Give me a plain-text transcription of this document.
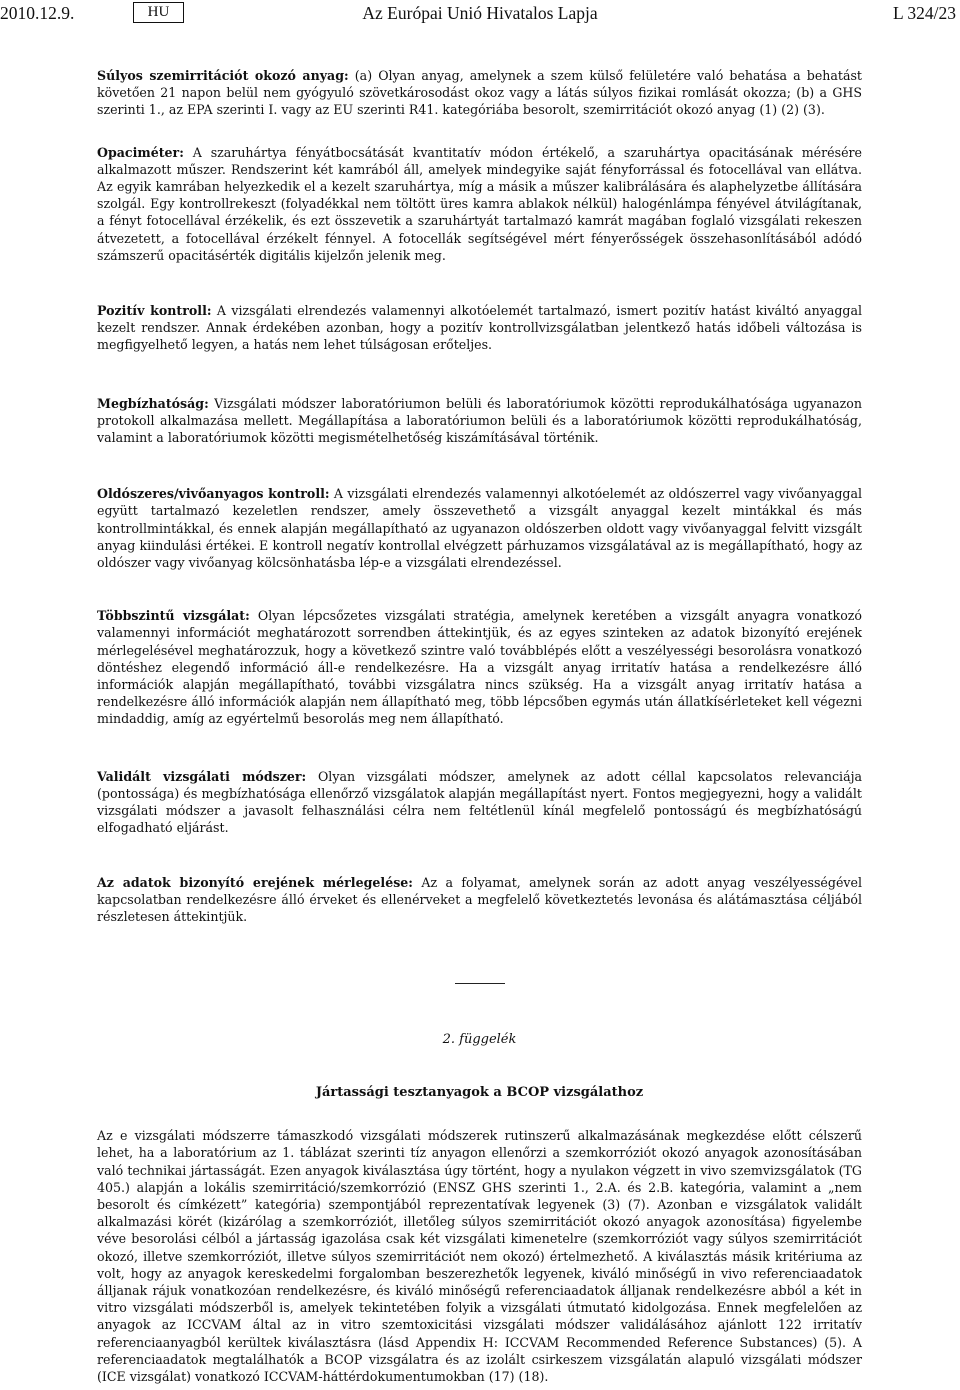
2010.12.9.	HU	Az Európai Unió Hivatalos Lapja	L 324/23

Súlyos szemirritációt okozó anyag: (a) Olyan anyag, amelynek a szem külső felületére való behatása a behatást követően 21 napon belül nem gyógyuló szövetkárosodást okoz vagy a látás súlyos fizikai romlását okozza; (b) a GHS szerinti 1., az EPA szerinti I. vagy az EU szerinti R41. kategóriába besorolt, szemirritációt okozó anyag (1) (2) (3).

Opaciméter: A szaruhártya fényátbocsátását kvantitatív módon értékelő, a szaruhártya opacitásának mérésére alkalmazott műszer. Rendszerint két kamrából áll, amelyek mindegyike saját fényforrással és fotocellával van ellátva. Az egyik kamrában helyezkedik el a kezelt szaruhártya, míg a másik a műszer kalibrálására és alaphelyzetbe állítására szolgál. Egy kontrollrekeszt (folyadékkal nem töltött üres kamra ablakok nélkül) halogénlámpa fényével átvilágítanak, a fényt fotocellával érzékelik, és ezt összevetik a szaruhártyát tartalmazó kamrát magában foglaló vizsgálati rekeszen átvezetett, a fotocellával érzékelt fénnyel. A fotocellák segítségével mért fényerősségek összehasonlításából adódó számszerű opacitásérték digitális kijelzőn jelenik meg.

Pozitív kontroll: A vizsgálati elrendezés valamennyi alkotóelemét tartalmazó, ismert pozitív hatást kiváltó anyaggal kezelt rendszer. Annak érdekében azonban, hogy a pozitív kontrollvizsgálatban jelentkező hatás időbeli változása is megfigyelhető legyen, a hatás nem lehet túlságosan erőteljes.

Megbízhatóság: Vizsgálati módszer laboratóriumon belüli és laboratóriumok közötti reprodukálhatósága ugyanazon protokoll alkalmazása mellett. Megállapítása a laboratóriumon belüli és a laboratóriumok közötti reprodukálhatóság, valamint a laboratóriumok közötti megismételhetőség kiszámításával történik.

Oldószeres/vivőanyagos kontroll: A vizsgálati elrendezés valamennyi alkotóelemét az oldószerrel vagy vivőanyaggal együtt tartalmazó kezeletlen rendszer, amely összevethető a vizsgált anyaggal kezelt mintákkal és más kontrollmintákkal, és ennek alapján megállapítható az ugyanazon oldószerben oldott vagy vivőanyaggal felvitt vizsgált anyag kiindulási értékei. E kontroll negatív kontrollal elvégzett párhuzamos vizsgálatával az is megállapítható, hogy az oldószer vagy vivőanyag kölcsönhatásba lép-e a vizsgálati elrendezéssel.

Többszintű vizsgálat: Olyan lépcsőzetes vizsgálati stratégia, amelynek keretében a vizsgált anyagra vonatkozó valamennyi információt meghatározott sorrendben áttekintjük, és az egyes szinteken az adatok bizonyító erejének mérlegelésével meghatározzuk, hogy a következő szintre való továbblépés előtt a veszélyességi besorolásra vonatkozó döntéshez elegendő információ áll-e rendelkezésre. Ha a vizsgált anyag irritatív hatása a rendelkezésre álló információk alapján megállapítható, további vizsgálatra nincs szükség. Ha a vizsgált anyag irritatív hatása a rendelkezésre álló információk alapján nem állapítható meg, több lépcsőben egymás után állatkísérleteket kell végezni mindaddig, amíg az egyértelmű besorolás meg nem állapítható.

Validált vizsgálati módszer: Olyan vizsgálati módszer, amelynek az adott céllal kapcsolatos relevanciája (pontossága) és megbízhatósága ellenőrző vizsgálatok alapján megállapítást nyert. Fontos megjegyezni, hogy a validált vizsgálati módszer a javasolt felhasználási célra nem feltétlenül kínál megfelelő pontosságú és megbízhatóságú elfogadható eljárást.

Az adatok bizonyító erejének mérlegelése: Az a folyamat, amelynek során az adott anyag veszélyességével kapcsolatban rendelkezésre álló érveket és ellenérveket a megfelelő következtetés levonása és alátámasztása céljából részletesen áttekintjük.

2. függelék
Jártassági tesztanyagok a BCOP vizsgálathoz

Az e vizsgálati módszerre támaszkodó vizsgálati módszerek rutinszerű alkalmazásának megkezdése előtt célszerű lehet, ha a laboratórium az 1. táblázat szerinti tíz anyagon ellenőrzi a szemkorróziót okozó anyagok azonosításában való technikai jártasságát. Ezen anyagok kiválasztása úgy történt, hogy a nyulakon végzett in vivo szemvizsgálatok (TG 405.) alapján a lokális szemirritáció/szemkorrózió (ENSZ GHS szerinti 1., 2.A. és 2.B. kategória, valamint a „nem besorolt és címkézett” kategória) szempontjából reprezentatívak legyenek (3) (7). Azonban e vizsgálatok validált alkalmazási körét (kizárólag a szemkorróziót, illetőleg súlyos szemirritációt okozó anyagok azonosítása) figyelembe véve besorolási célból a jártasság igazolása csak két vizsgálati kimenetelre (szemkorróziót vagy súlyos szemirritációt okozó, illetve szemkorróziót, illetve súlyos szemirritációt nem okozó) értelmezhető. A kiválasztás másik kritériuma az volt, hogy az anyagok kereskedelmi forgalomban beszerezhetők legyenek, kiváló minőségű in vivo referenciaadatok álljanak rájuk vonatkozóan rendelkezésre, és kiváló minőségű referenciaadatok álljanak rendelkezésre abból a két in vitro vizsgálati módszerből is, amelyek tekintetében folyik a vizsgálati útmutató kidolgozása. Ennek megfelelően az anyagok az ICCVAM által az in vitro szemtoxicitási vizsgálati módszer validálásához ajánlott 122 irritatív referenciaanyagból kerültek kiválasztásra (lásd Appendix H: ICCVAM Recommended Reference Substances) (5). A referenciaadatok megtalálhatók a BCOP vizsgálatra és az izolált csirkeszem vizsgálatán alapuló vizsgálati módszer (ICE vizsgálat) vonatkozó ICCVAM-háttérdokumentumokban (17) (18).
